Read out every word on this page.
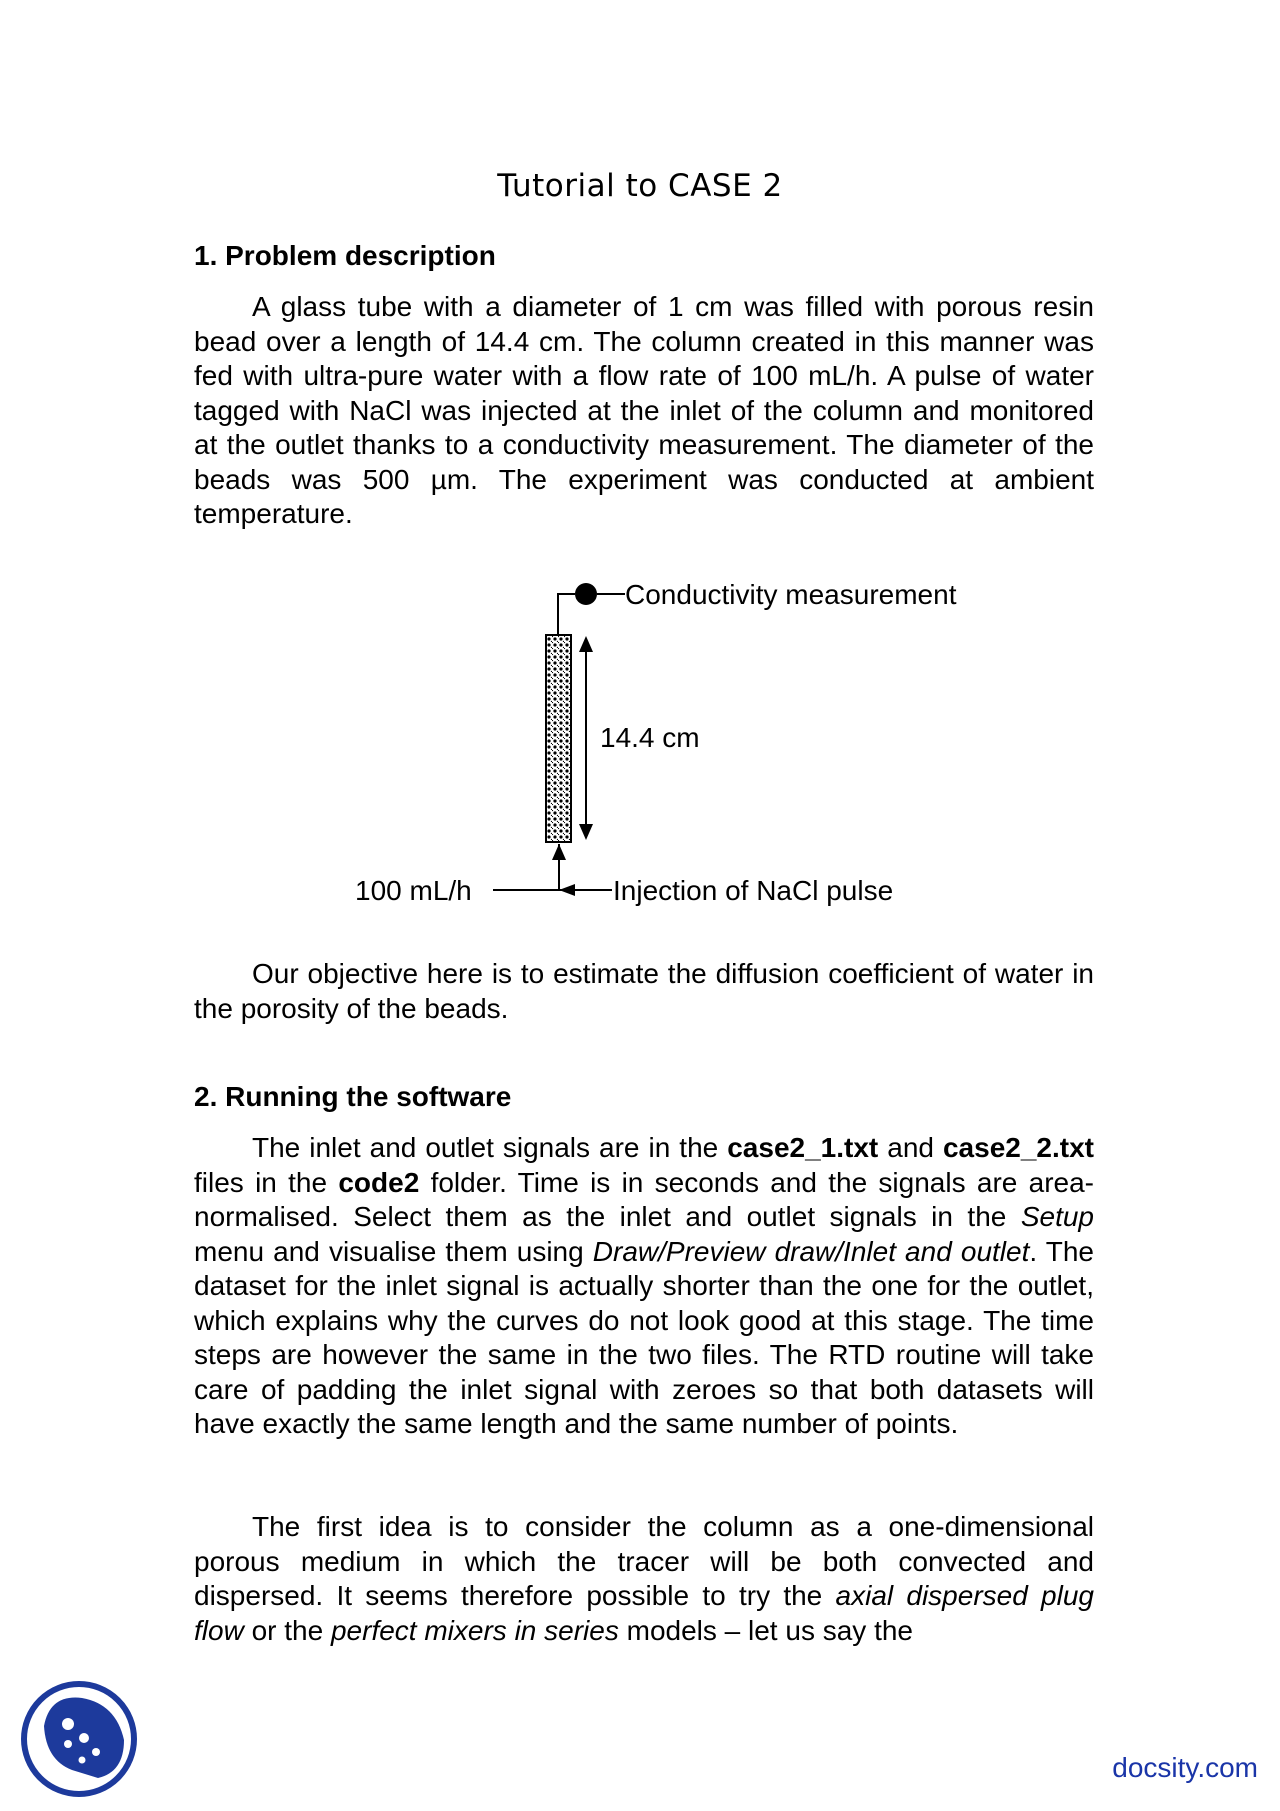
Tutorial to CASE 2
1. Problem description

A glass tube with a diameter of 1 cm was filled with porous resin bead over a length of 14.4 cm. The column created in this manner was fed with ultra-pure water with a flow rate of 100 mL/h. A pulse of water tagged with NaCl was injected at the inlet of the column and monitored at the outlet thanks to a conductivity measurement. The diameter of the beads was 500 µm. The experiment was conducted at ambient temperature.

Conductivity measurement
14.4 cm
100 mL/h	Injection of NaCl pulse

Our objective here is to estimate the diffusion coefficient of water in the porosity of the beads.

2. Running the software

The inlet and outlet signals are in the case2_1.txt and case2_2.txt files in the code2 folder. Time is in seconds and the signals are area-normalised. Select them as the inlet and outlet signals in the Setup menu and visualise them using Draw/Preview draw/Inlet and outlet. The dataset for the inlet signal is actually shorter than the one for the outlet, which explains why the curves do not look good at this stage. The time steps are however the same in the two files. The RTD routine will take care of padding the inlet signal with zeroes so that both datasets will have exactly the same length and the same number of points.

The first idea is to consider the column as a one-dimensional porous medium in which the tracer will be both convected and dispersed. It seems therefore possible to try the axial dispersed plug flow or the perfect mixers in series models – let us say the

docsity.com
